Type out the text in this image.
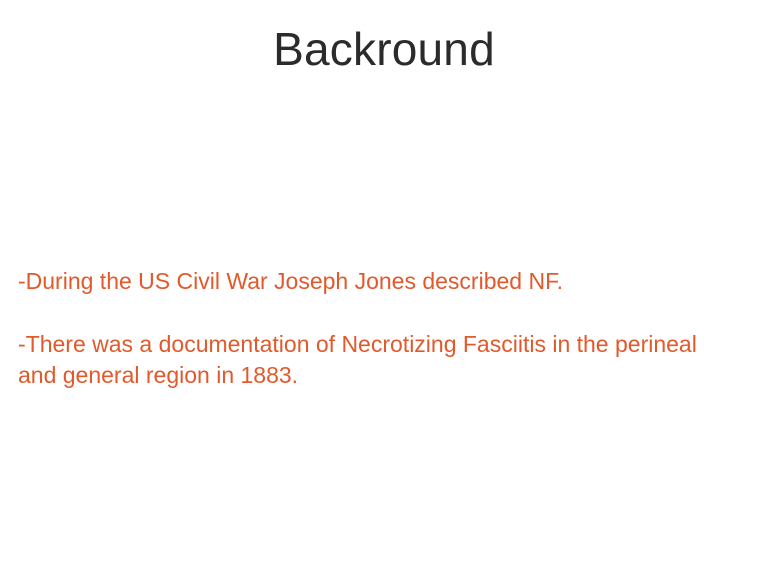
Backround

-During the US Civil War Joseph Jones described NF.

-There was a documentation of Necrotizing Fasciitis in the perineal and general region in 1883.
